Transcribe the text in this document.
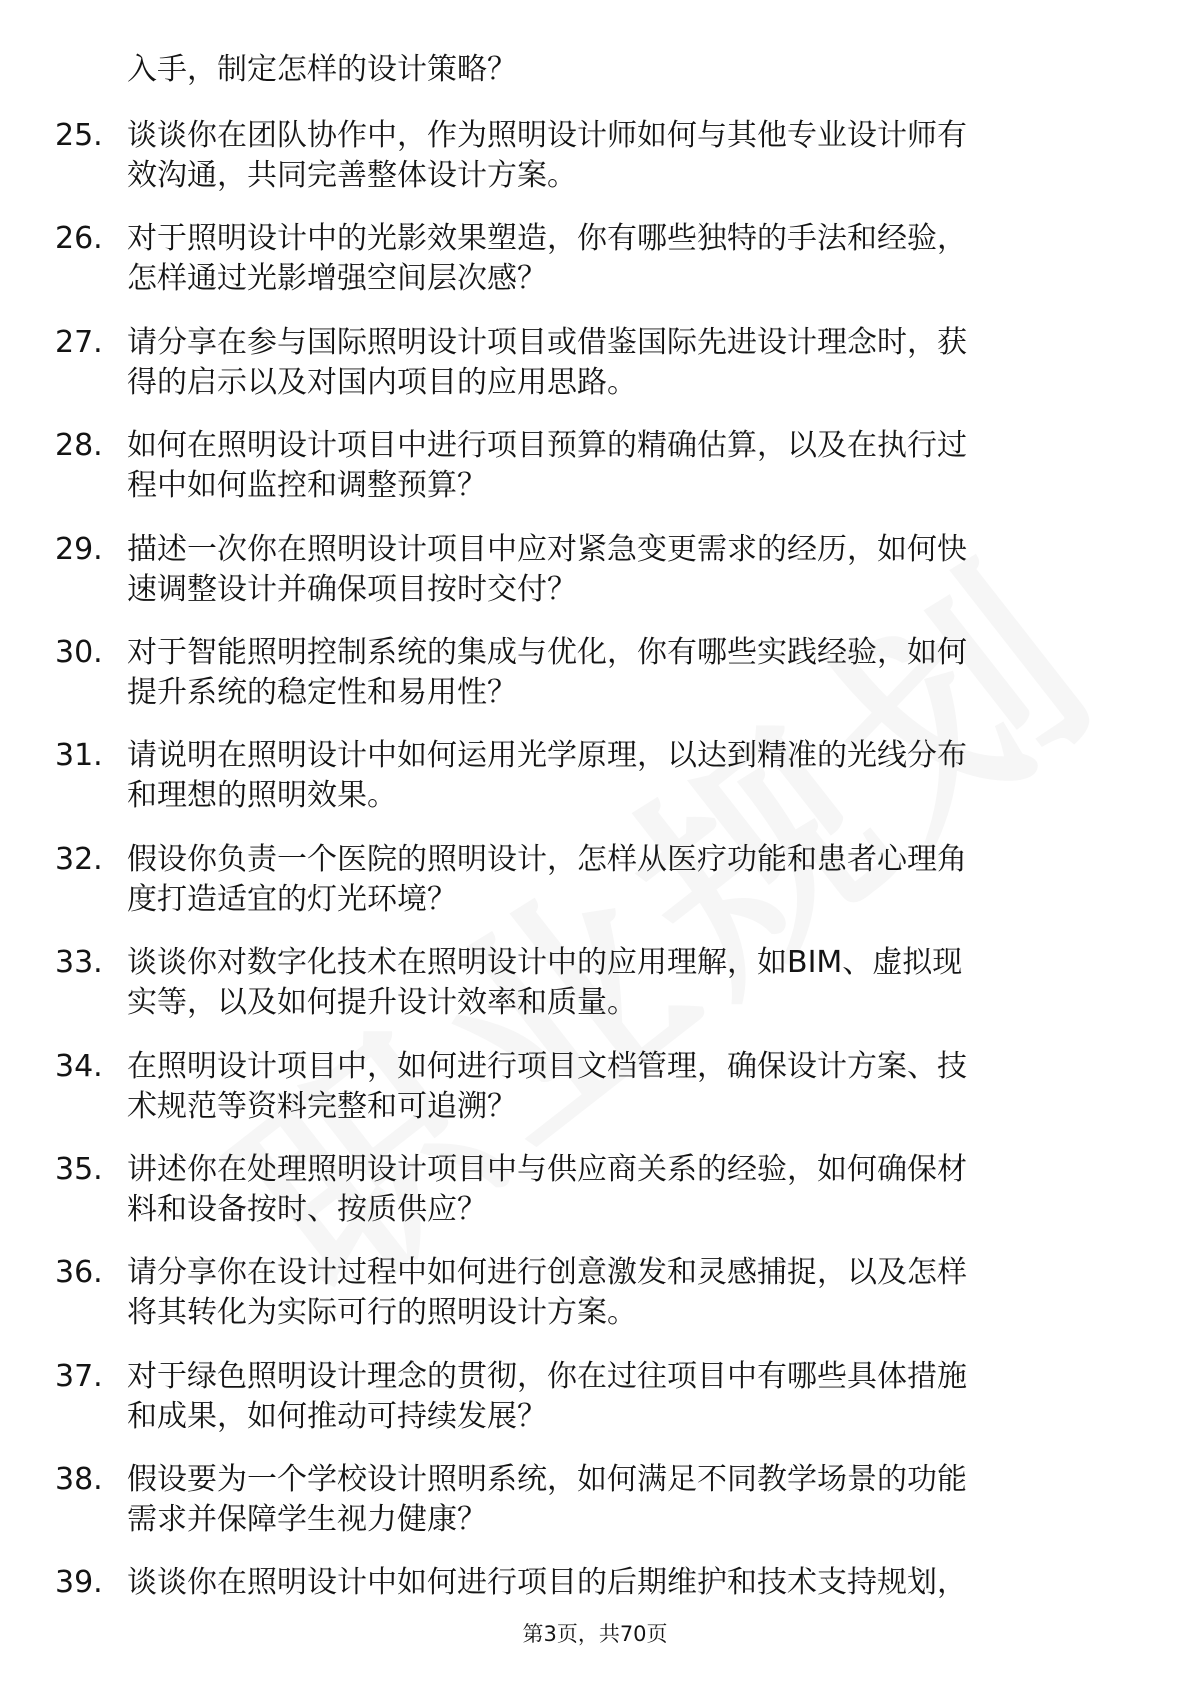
入手，制定怎样的设计策略？
25. 谈谈你在团队协作中，作为照明设计师如何与其他专业设计师有
效沟通，共同完善整体设计方案。
26. 对于照明设计中的光影效果塑造，你有哪些独特的手法和经验，
怎样通过光影增强空间层次感？
27. 请分享在参与国际照明设计项目或借鉴国际先进设计理念时，获
得的启示以及对国内项目的应用思路。
28. 如何在照明设计项目中进行项目预算的精确估算，以及在执行过
程中如何监控和调整预算？
29. 描述一次你在照明设计项目中应对紧急变更需求的经历，如何快
速调整设计并确保项目按时交付？
30. 对于智能照明控制系统的集成与优化，你有哪些实践经验，如何
提升系统的稳定性和易用性？
31. 请说明在照明设计中如何运用光学原理，以达到精准的光线分布
和理想的照明效果。
32. 假设你负责一个医院的照明设计，怎样从医疗功能和患者心理角
度打造适宜的灯光环境？
33. 谈谈你对数字化技术在照明设计中的应用理解，如BIM、虚拟现
实等，以及如何提升设计效率和质量。
34. 在照明设计项目中，如何进行项目文档管理，确保设计方案、技
术规范等资料完整和可追溯？
35. 讲述你在处理照明设计项目中与供应商关系的经验，如何确保材
料和设备按时、按质供应？
36. 请分享你在设计过程中如何进行创意激发和灵感捕捉，以及怎样
将其转化为实际可行的照明设计方案。
37. 对于绿色照明设计理念的贯彻，你在过往项目中有哪些具体措施
和成果，如何推动可持续发展？
38. 假设要为一个学校设计照明系统，如何满足不同教学场景的功能
需求并保障学生视力健康？
39. 谈谈你在照明设计中如何进行项目的后期维护和技术支持规划，
第3页，共70页
